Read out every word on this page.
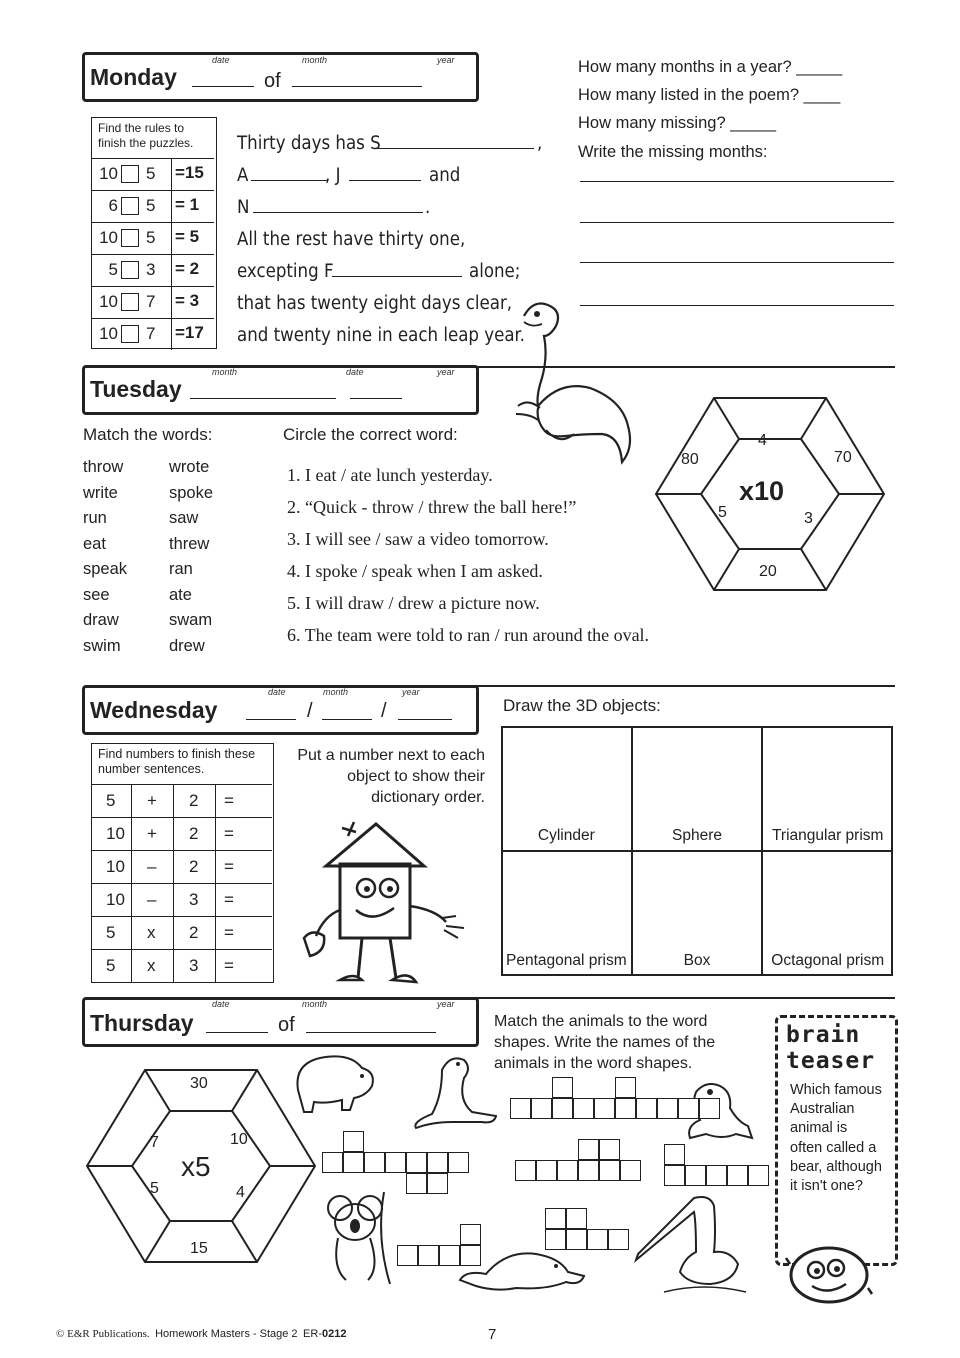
Monday
date	month	year
of
Find the rules to finish the puzzles.
10 5 =15
6 5 = 1
10 5 = 5
5 3 = 2
10 7 = 3
10 7 =17
Thirty days has S	,
A	, J	and
N	.
All the rest have thirty one,
excepting F	alone;
that has twenty eight days clear,
and twenty nine in each leap year.
How many months in a year? _____
How many listed in the poem? ____
How many missing? _____
Write the missing months:
Tuesday
month	date	year
Match the words:
throw
write
run
eat
speak
see
draw
swim
wrote
spoke
saw
threw
ran
ate
swam
drew
Circle the correct word:
1. I eat / ate lunch yesterday.
2. “Quick - throw / threw the ball here!”
3. I will see / saw a video tomorrow.
4. I spoke / speak when I am asked.
5. I will draw / drew a picture now.
6. The team were told to ran / run around the oval.
x10
4
80	70
5	3
20
Wednesday
date	month	year
/	/
Find numbers to finish these number sentences.
5 + 2 =
10 + 2 =
10 – 2 =
10 – 3 =
5 x 2 =
5 x 3 =
Put a number next to each object to show their dictionary order.
Draw the 3D objects:
Cylinder	Sphere	Triangular prism
Pentagonal prism	Box	Octagonal prism
Thursday
date	month	year
of
x5
30
7	10
5	4
15
Match the animals to the word shapes. Write the names of the animals in the word shapes.
brain
teaser
Which famous Australian animal is often called a bear, although it isn't one?
© E&R Publications. Homework Masters - Stage 2 ER-0212	7
